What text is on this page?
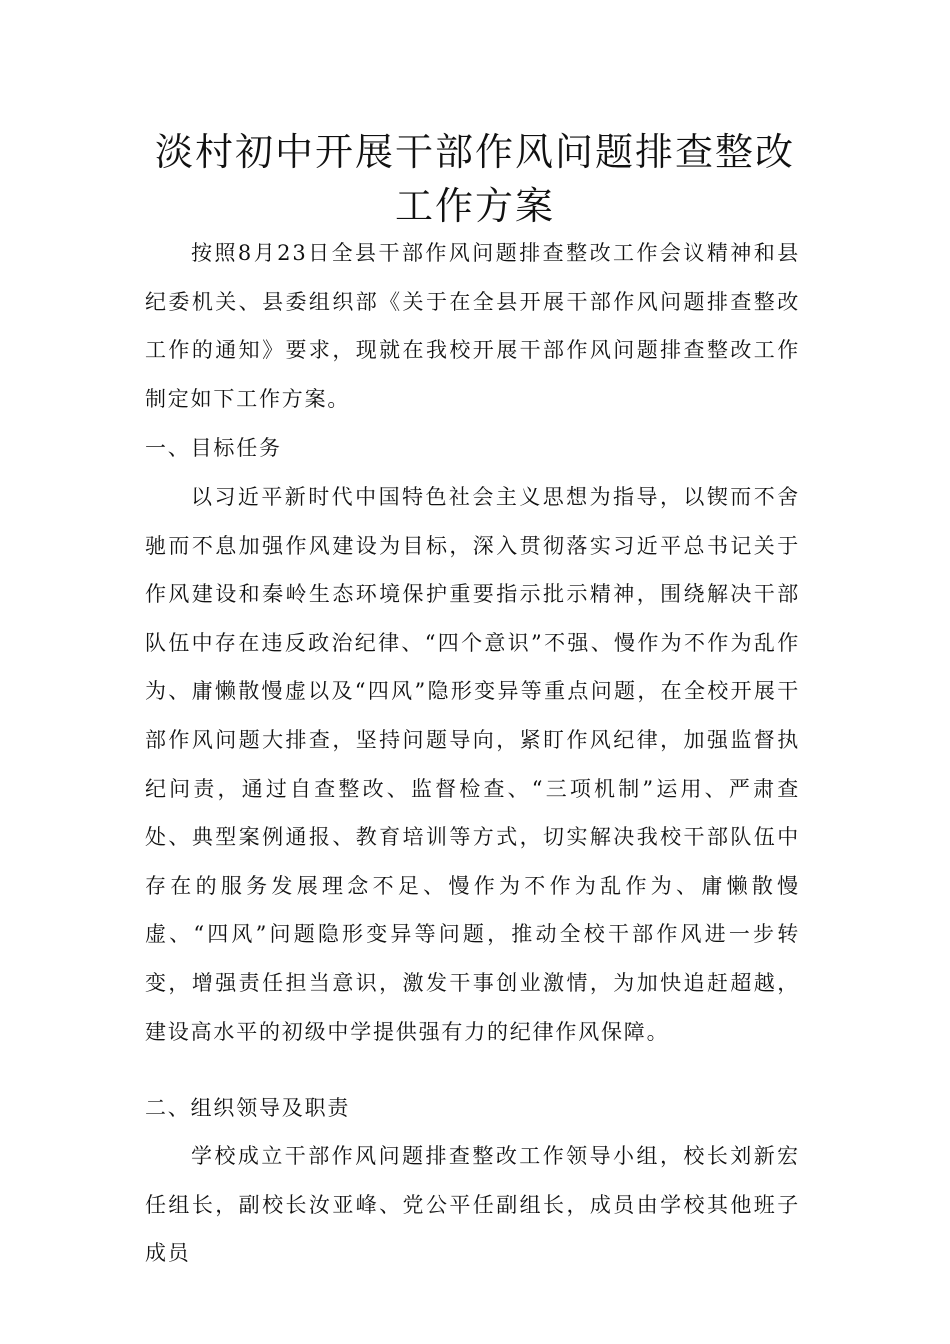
淡村初中开展干部作风问题排查整改
工作方案

按照8月23日全县干部作风问题排查整改工作会议精神和县纪委机关、县委组织部《关于在全县开展干部作风问题排查整改工作的通知》要求，现就在我校开展干部作风问题排查整改工作制定如下工作方案。

一、目标任务

以习近平新时代中国特色社会主义思想为指导，以锲而不舍驰而不息加强作风建设为目标，深入贯彻落实习近平总书记关于作风建设和秦岭生态环境保护重要指示批示精神，围绕解决干部队伍中存在违反政治纪律、“四个意识”不强、慢作为不作为乱作为、庸懒散慢虚以及“四风”隐形变异等重点问题，在全校开展干部作风问题大排查，坚持问题导向，紧盯作风纪律，加强监督执纪问责，通过自查整改、监督检查、“三项机制”运用、严肃查处、典型案例通报、教育培训等方式，切实解决我校干部队伍中存在的服务发展理念不足、慢作为不作为乱作为、庸懒散慢虚、“四风”问题隐形变异等问题，推动全校干部作风进一步转变，增强责任担当意识，激发干事创业激情，为加快追赶超越，建设高水平的初级中学提供强有力的纪律作风保障。

二、组织领导及职责

学校成立干部作风问题排查整改工作领导小组，校长刘新宏任组长，副校长汝亚峰、党公平任副组长，成员由学校其他班子成员
